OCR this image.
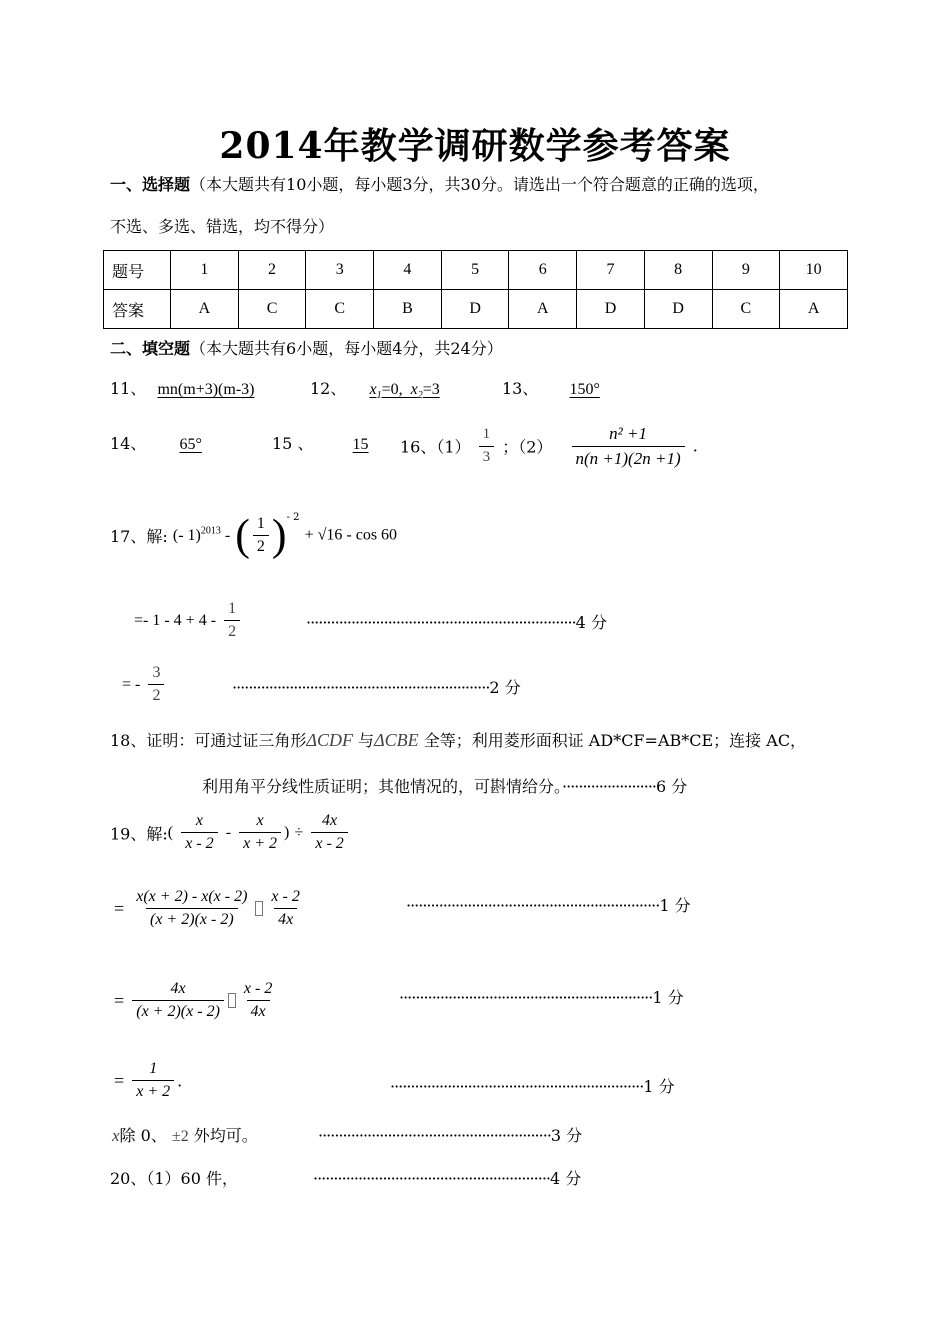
2014年教学调研数学参考答案
一、选择题（本大题共有10小题，每小题3分，共30分。请选出一个符合题意的正确的选项，
不选、多选、错选，均不得分）
题号	1	2	3	4	5	6	7	8	9	10
答案	A	C	C	B	D	A	D	D	C	A
二、填空题（本大题共有6小题，每小题4分，共24分）
11、 mn(m+3)(m-3)	12、 $x_1=0$, $x_2=3$	13、 150°
14、 65°	15 、 15	16、$(1) \frac{1}{3}$ ；$(2) \frac{\text{n² +1}}{n(n +1)(2n +1)}$ .
17、解: (- 1)$^{2013}$ - ( $\frac{1}{2} )^{- 2} + √16 - \cos 60$
=- $1 - 4 + 4 - \frac{1}{2}$	··································································4 分
= - $\frac{3}{2}$	·······························································2 分
18、证明：可通过证三角形ΔCDF 与ΔCBE 全等；利用菱形面积证 AD*CF=AB*CE；连接 AC，
利用角平分线性质证明；其他情况的，可斟情给分。·······················6 分
19、解:( $\frac{x}{x - 2} - \frac{x}{x + 2}$ ) ÷ $\frac{4x}{x - 2}$
= $\frac{x(x + 2) - x(x - 2)}{(x + 2)(x - 2)} \frac{x - 2}{4x}$	······························································1 分
= $\frac{4x}{(x + 2)(x - 2)} \frac{x - 2}{4x}$	······························································1 分
= $\frac{1}{x + 2}$ .	······························································1 分
x除 0、 ±2 外均可。	·························································3 分
20、（1）60 件，	··························································4 分
